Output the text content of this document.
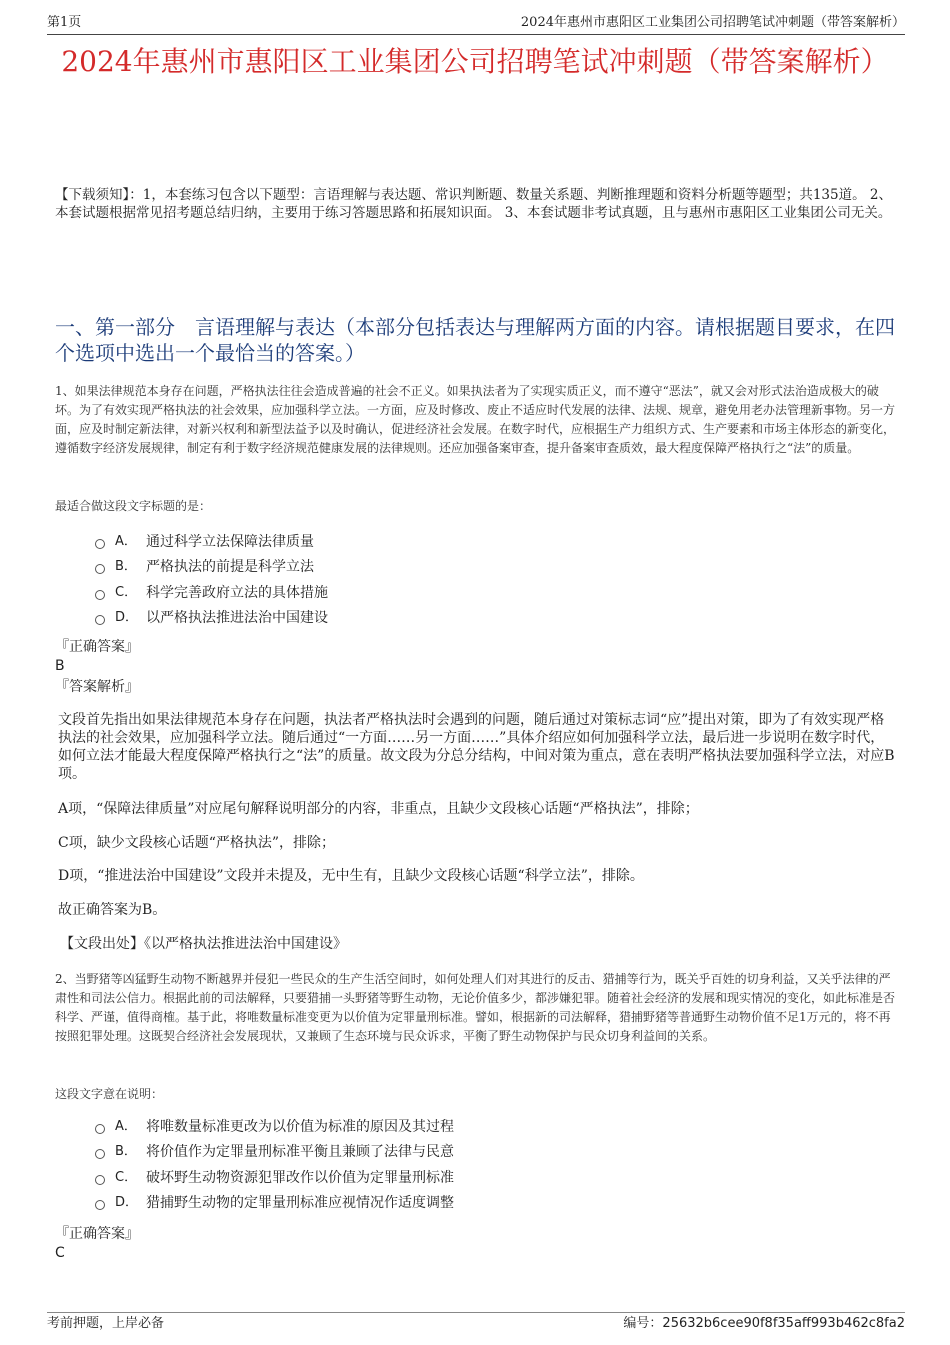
第1页	2024年惠州市惠阳区工业集团公司招聘笔试冲刺题（带答案解析）
2024年惠州市惠阳区工业集团公司招聘笔试冲刺题（带答案解析）

【下载须知】：1，本套练习包含以下题型：言语理解与表达题、常识判断题、数量关系题、判断推理题和资料分析题等题型；共135道。 2、本套试题根据常见招考题总结归纳，主要用于练习答题思路和拓展知识面。 3、本套试题非考试真题，且与惠州市惠阳区工业集团公司无关。

一、第一部分　言语理解与表达（本部分包括表达与理解两方面的内容。请根据题目要求，在四个选项中选出一个最恰当的答案。）

1、如果法律规范本身存在问题，严格执法往往会造成普遍的社会不正义。如果执法者为了实现实质正义，而不遵守“恶法”，就又会对形式法治造成极大的破坏。为了有效实现严格执法的社会效果，应加强科学立法。一方面，应及时修改、废止不适应时代发展的法律、法规、规章，避免用老办法管理新事物。另一方面，应及时制定新法律，对新兴权利和新型法益予以及时确认，促进经济社会发展。在数字时代，应根据生产力组织方式、生产要素和市场主体形态的新变化，遵循数字经济发展规律，制定有利于数字经济规范健康发展的法律规则。还应加强备案审查，提升备案审查质效，最大程度保障严格执行之“法”的质量。

最适合做这段文字标题的是：

A． 通过科学立法保障法律质量
B． 严格执法的前提是科学立法
C． 科学完善政府立法的具体措施
D． 以严格执法推进法治中国建设
『正确答案』
B
『答案解析』

文段首先指出如果法律规范本身存在问题，执法者严格执法时会遇到的问题，随后通过对策标志词“应”提出对策，即为了有效实现严格执法的社会效果，应加强科学立法。随后通过“一方面……另一方面……”具体介绍应如何加强科学立法，最后进一步说明在数字时代，如何立法才能最大程度保障严格执行之“法”的质量。故文段为分总分结构，中间对策为重点，意在表明严格执法要加强科学立法，对应B项。

A项，“保障法律质量”对应尾句解释说明部分的内容，非重点，且缺少文段核心话题“严格执法”，排除；

C项，缺少文段核心话题“严格执法”，排除；

D项，“推进法治中国建设”文段并未提及，无中生有，且缺少文段核心话题“科学立法”，排除。

故正确答案为B。

【文段出处】《以严格执法推进法治中国建设》

2、当野猪等凶猛野生动物不断越界并侵犯一些民众的生产生活空间时，如何处理人们对其进行的反击、猎捕等行为，既关乎百姓的切身利益，又关乎法律的严肃性和司法公信力。根据此前的司法解释，只要猎捕一头野猪等野生动物，无论价值多少，都涉嫌犯罪。随着社会经济的发展和现实情况的变化，如此标准是否科学、严谨，值得商榷。基于此，将唯数量标准变更为以价值为定罪量刑标准。譬如，根据新的司法解释，猎捕野猪等普通野生动物价值不足1万元的，将不再按照犯罪处理。这既契合经济社会发展现状，又兼顾了生态环境与民众诉求，平衡了野生动物保护与民众切身利益间的关系。

这段文字意在说明：

A． 将唯数量标准更改为以价值为标准的原因及其过程
B． 将价值作为定罪量刑标准平衡且兼顾了法律与民意
C． 破坏野生动物资源犯罪改作以价值为定罪量刑标准
D． 猎捕野生动物的定罪量刑标准应视情况作适度调整
『正确答案』
C
考前押题，上岸必备	编号：25632b6cee90f8f35aff993b462c8fa2
